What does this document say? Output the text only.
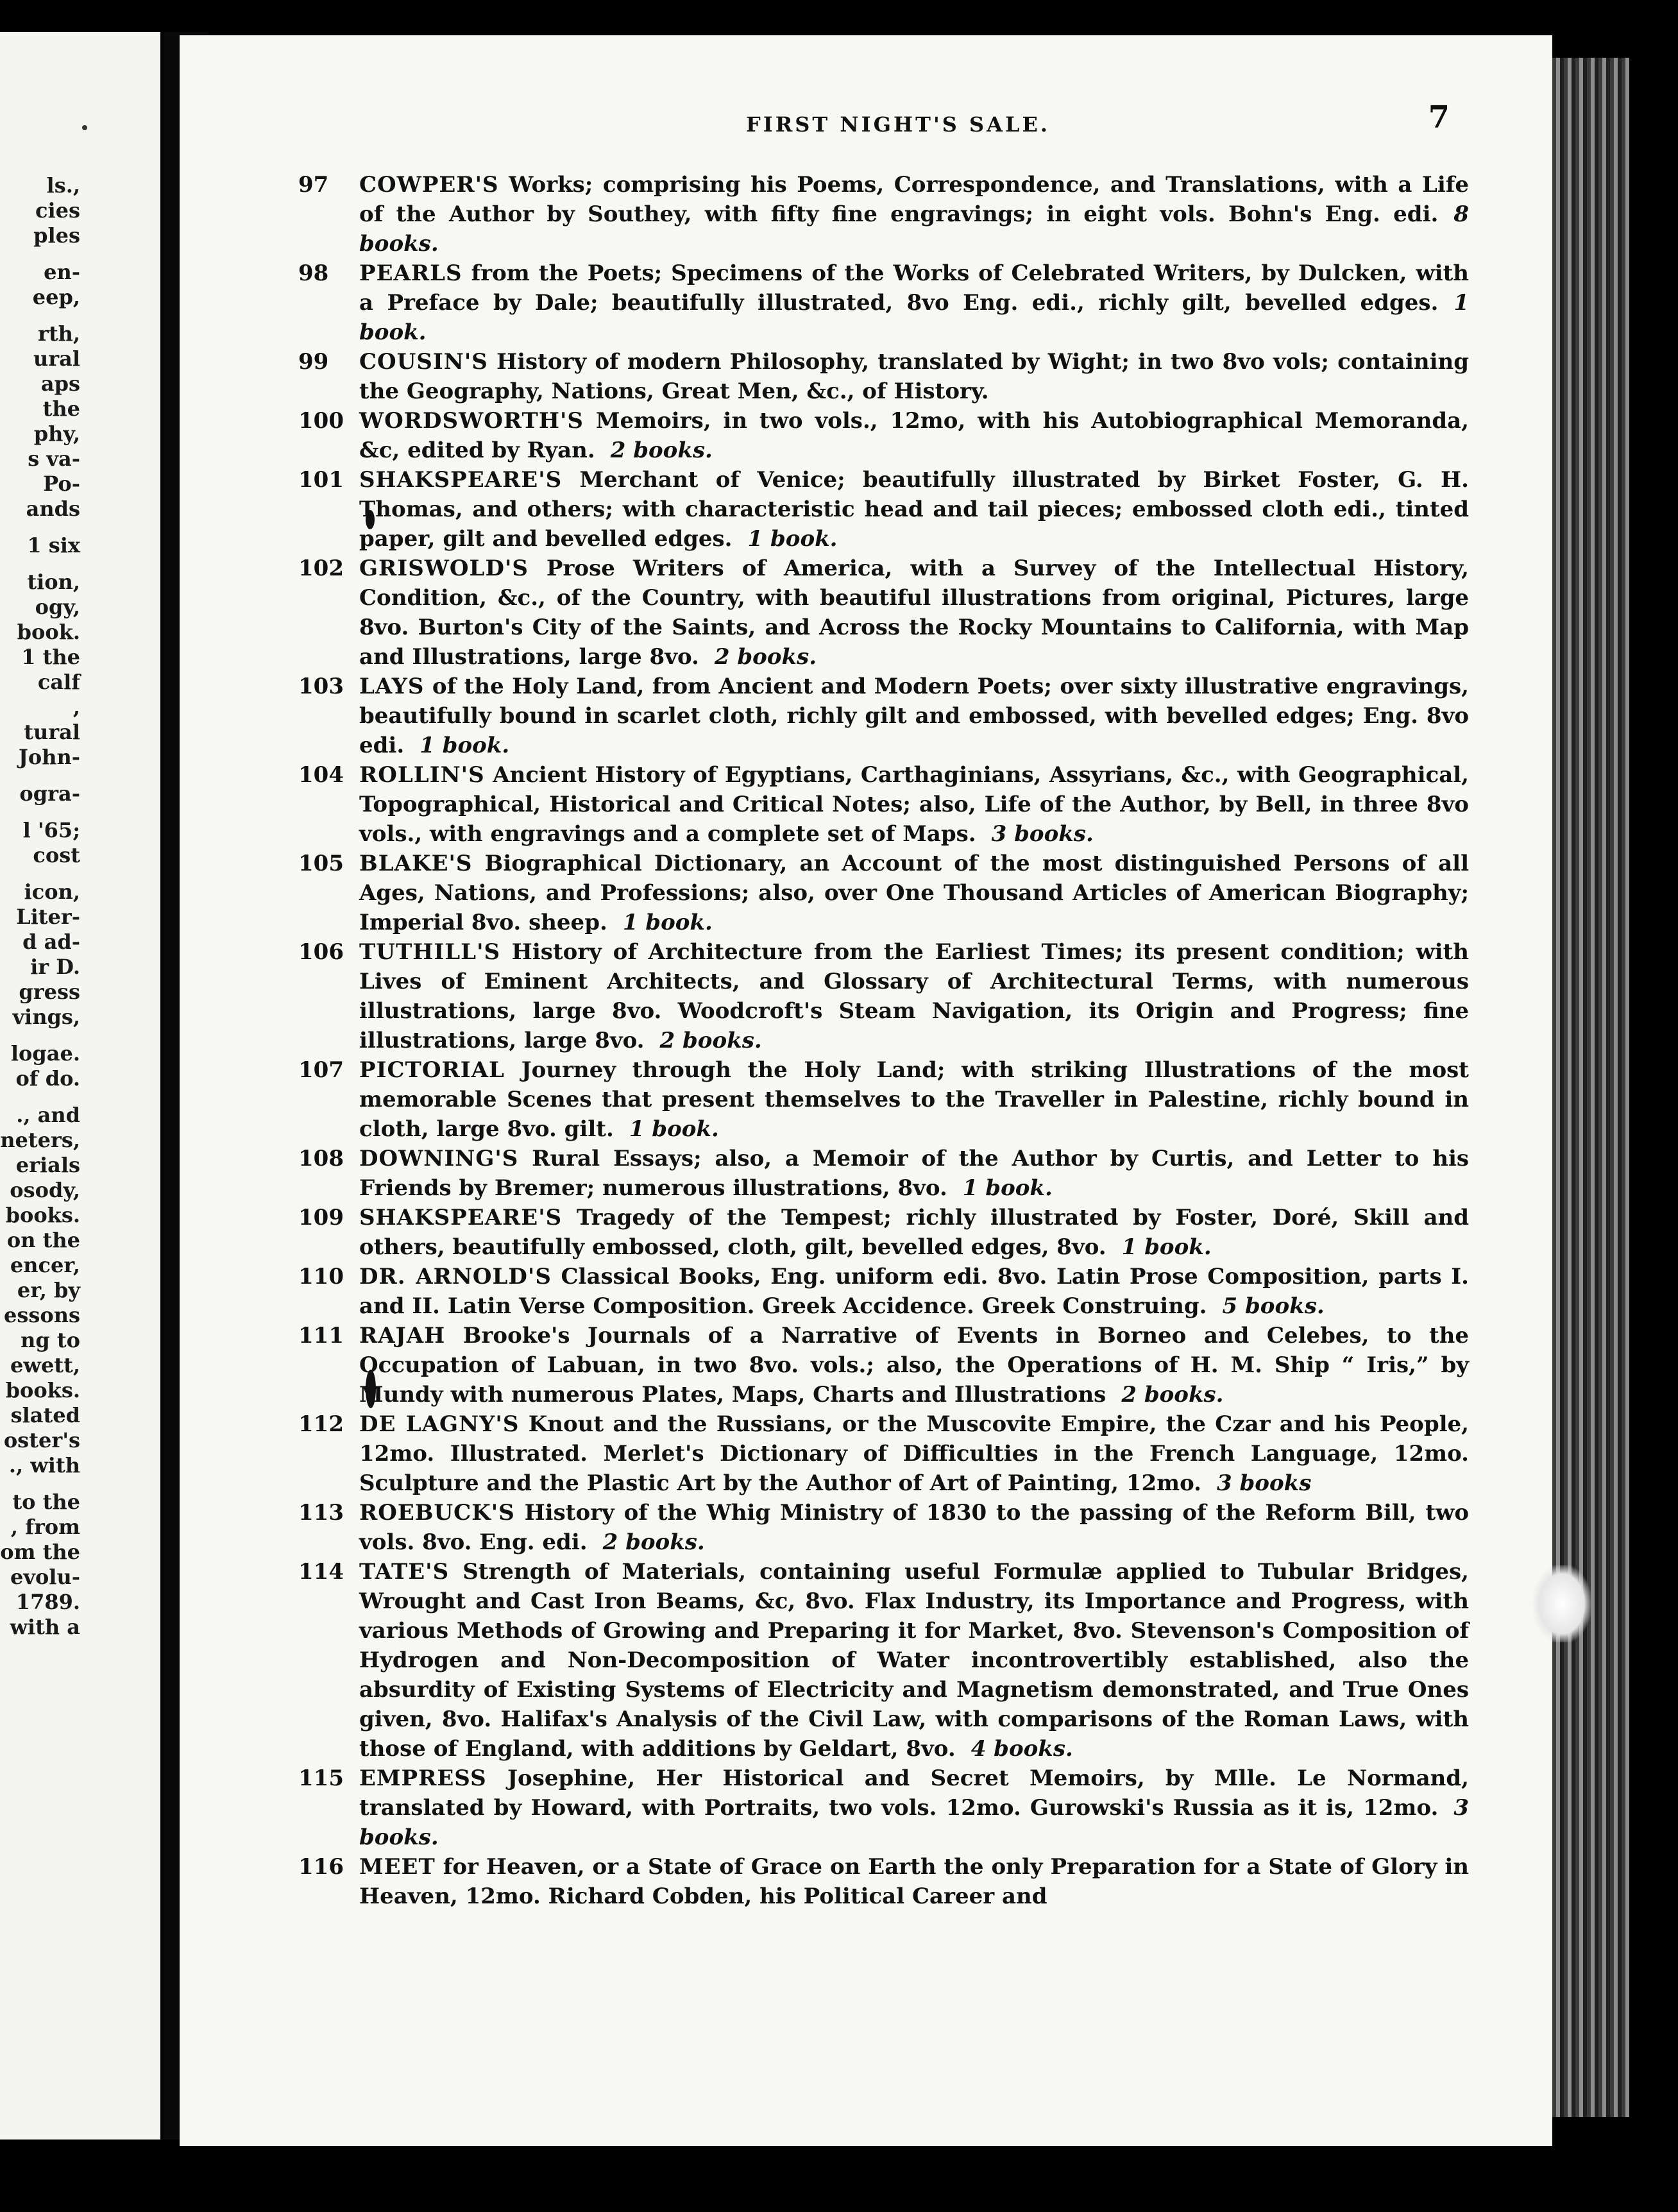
ls.,
cies
ples
en-
eep,
rth,
ural
aps
the
phy,
s va-
Po-
ands
1 six
tion,
ogy,
book.
1 the
calf
,
tural
John-
ogra-
l '65;
cost
icon,
Liter-
d ad-
ir D.
gress
vings,
logae.
of do.
., and
neters,
erials
osody,
books.
on the
encer,
er, by
essons
ng to
ewett,
books.
slated
oster's
., with
to the
, from
om the
evolu-
1789.
with a
FIRST NIGHT'S SALE.	7
97	COWPER'S Works; comprising his Poems, Correspondence, and Translations, with a Life of the Author by Southey, with fifty fine engravings; in eight vols. Bohn's Eng. edi. 8 books.
98	PEARLS from the Poets; Specimens of the Works of Celebrated Writers, by Dulcken, with a Preface by Dale; beautifully illustrated, 8vo Eng. edi., richly gilt, bevelled edges. 1 book.
99	COUSIN'S History of modern Philosophy, translated by Wight; in two 8vo vols; containing the Geography, Nations, Great Men, &c., of History.
100 WORDSWORTH'S Memoirs, in two vols., 12mo, with his Autobiographical Memoranda, &c, edited by Ryan. 2 books.
101 SHAKSPEARE'S Merchant of Venice; beautifully illustrated by Birket Foster, G. H. Thomas, and others; with characteristic head and tail pieces; embossed cloth edi., tinted paper, gilt and bevelled edges. 1 book.
102 GRISWOLD'S Prose Writers of America, with a Survey of the Intellectual History, Condition, &c., of the Country, with beautiful illustrations from original, Pictures, large 8vo. Burton's City of the Saints, and Across the Rocky Mountains to California, with Map and Illustrations, large 8vo. 2 books.
103 LAYS of the Holy Land, from Ancient and Modern Poets; over sixty illustrative engravings, beautifully bound in scarlet cloth, richly gilt and embossed, with bevelled edges; Eng. 8vo edi. 1 book.
104 ROLLIN'S Ancient History of Egyptians, Carthaginians, Assyrians, &c., with Geographical, Topographical, Historical and Critical Notes; also, Life of the Author, by Bell, in three 8vo vols., with engravings and a complete set of Maps. 3 books.
105 BLAKE'S Biographical Dictionary, an Account of the most distinguished Persons of all Ages, Nations, and Professions; also, over One Thousand Articles of American Biography; Imperial 8vo. sheep. 1 book.
106 TUTHILL'S History of Architecture from the Earliest Times; its present condition; with Lives of Eminent Architects, and Glossary of Architectural Terms, with numerous illustrations, large 8vo. Woodcroft's Steam Navigation, its Origin and Progress; fine illustrations, large 8vo. 2 books.
107 PICTORIAL Journey through the Holy Land; with striking Illustrations of the most memorable Scenes that present themselves to the Traveller in Palestine, richly bound in cloth, large 8vo. gilt. 1 book.
108 DOWNING'S Rural Essays; also, a Memoir of the Author by Curtis, and Letter to his Friends by Bremer; numerous illustrations, 8vo. 1 book.
109 SHAKSPEARE'S Tragedy of the Tempest; richly illustrated by Foster, Doré, Skill and others, beautifully embossed, cloth, gilt, bevelled edges, 8vo. 1 book.
110 DR. ARNOLD'S Classical Books, Eng. uniform edi. 8vo. Latin Prose Composition, parts I. and II. Latin Verse Composition. Greek Accidence. Greek Construing. 5 books.
111 RAJAH Brooke's Journals of a Narrative of Events in Borneo and Celebes, to the Occupation of Labuan, in two 8vo. vols.; also, the Operations of H. M. Ship “ Iris,” by Mundy with numerous Plates, Maps, Charts and Illustrations 2 books.
112 DE LAGNY'S Knout and the Russians, or the Muscovite Empire, the Czar and his People, 12mo. Illustrated. Merlet's Dictionary of Difficulties in the French Language, 12mo. Sculpture and the Plastic Art by the Author of Art of Painting, 12mo. 3 books
113 ROEBUCK'S History of the Whig Ministry of 1830 to the passing of the Reform Bill, two vols. 8vo. Eng. edi. 2 books.
114 TATE'S Strength of Materials, containing useful Formulæ applied to Tubular Bridges, Wrought and Cast Iron Beams, &c, 8vo. Flax Industry, its Importance and Progress, with various Methods of Growing and Preparing it for Market, 8vo. Stevenson's Composition of Hydrogen and Non-Decomposition of Water incontrovertibly established, also the absurdity of Existing Systems of Electricity and Magnetism demonstrated, and True Ones given, 8vo. Halifax's Analysis of the Civil Law, with comparisons of the Roman Laws, with those of England, with additions by Geldart, 8vo. 4 books.
115 EMPRESS Josephine, Her Historical and Secret Memoirs, by Mlle. Le Normand, translated by Howard, with Portraits, two vols. 12mo. Gurowski's Russia as it is, 12mo. 3 books.
116 MEET for Heaven, or a State of Grace on Earth the only Preparation for a State of Glory in Heaven, 12mo. Richard Cobden, his Political Career and
